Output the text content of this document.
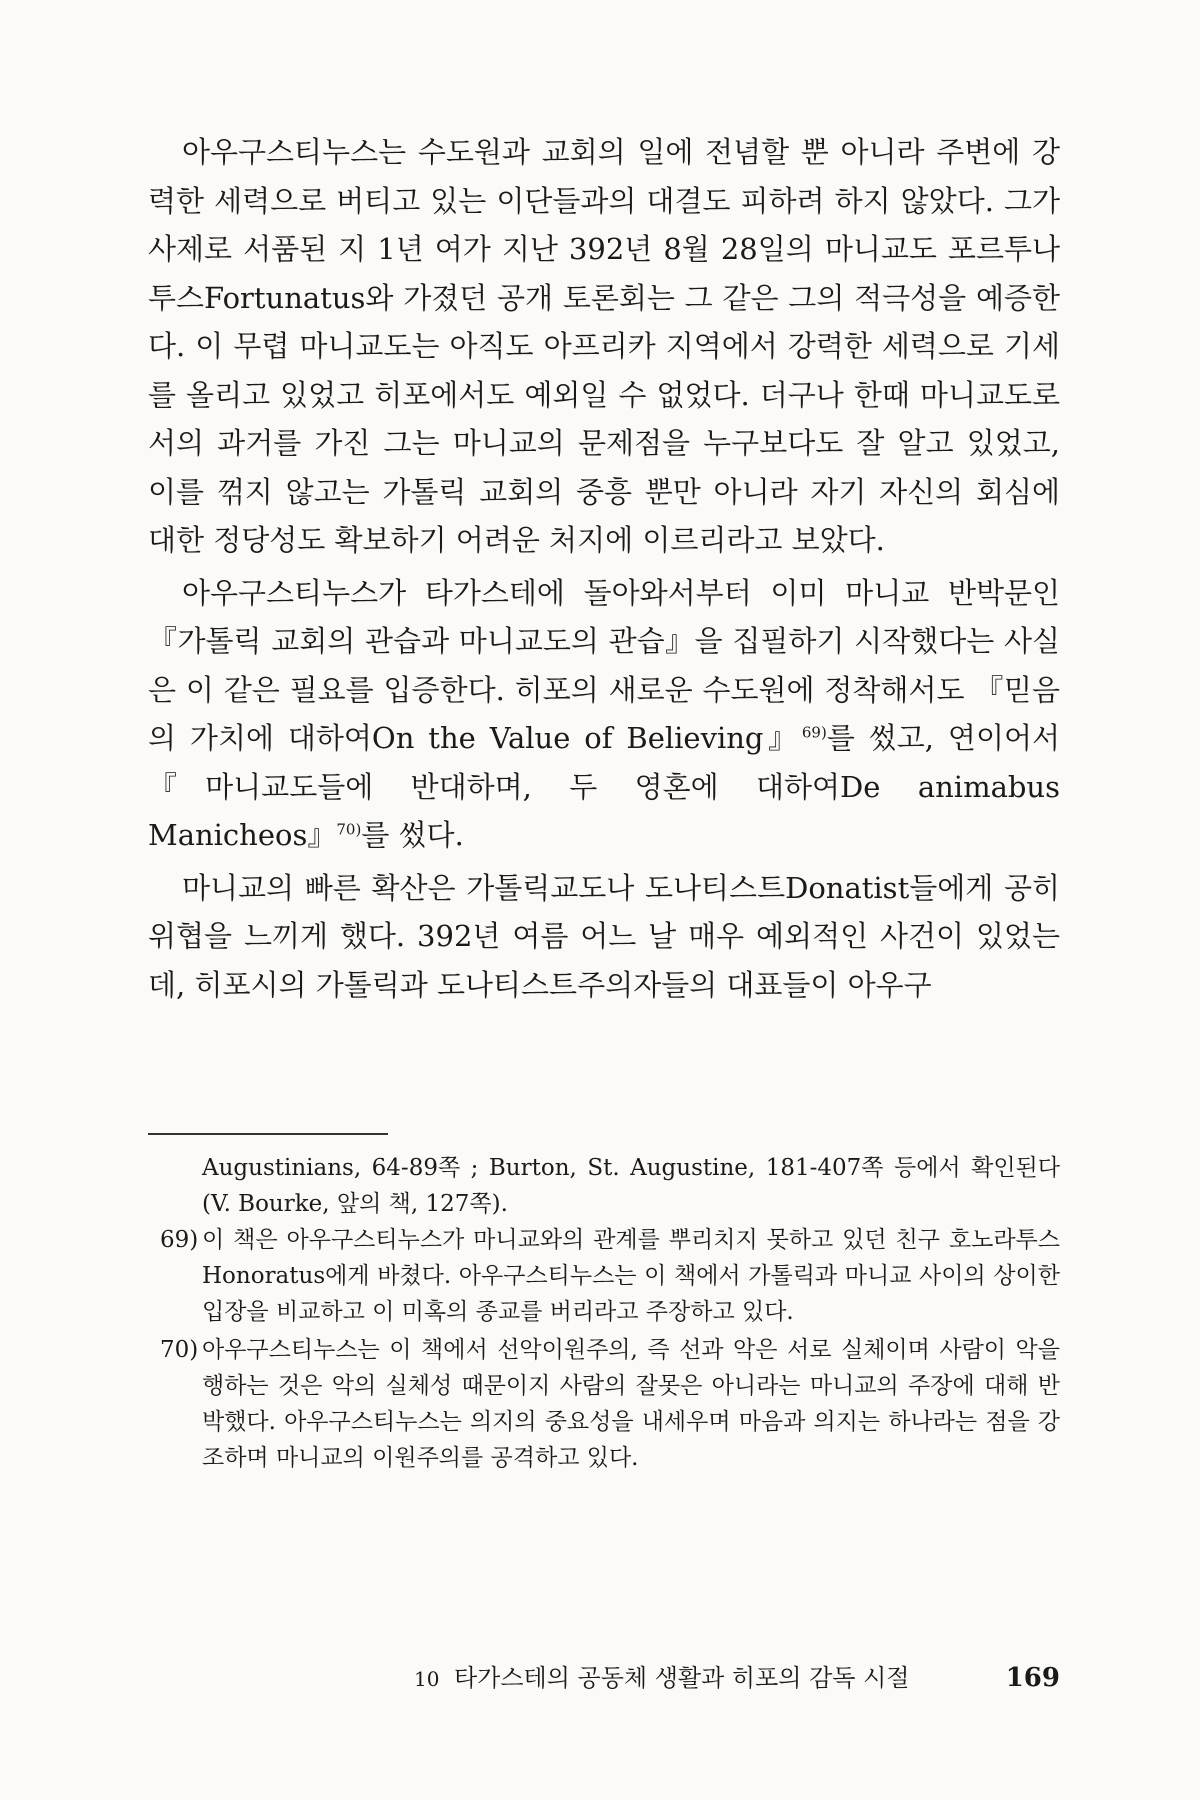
아우구스티누스는 수도원과 교회의 일에 전념할 뿐 아니라 주변에 강력한 세력으로 버티고 있는 이단들과의 대결도 피하려 하지 않았다. 그가 사제로 서품된 지 1년 여가 지난 392년 8월 28일의 마니교도 포르투나투스Fortunatus와 가졌던 공개 토론회는 그 같은 그의 적극성을 예증한다. 이 무렵 마니교도는 아직도 아프리카 지역에서 강력한 세력으로 기세를 올리고 있었고 히포에서도 예외일 수 없었다. 더구나 한때 마니교도로서의 과거를 가진 그는 마니교의 문제점을 누구보다도 잘 알고 있었고, 이를 꺾지 않고는 가톨릭 교회의 중흥 뿐만 아니라 자기 자신의 회심에 대한 정당성도 확보하기 어려운 처지에 이르리라고 보았다.

아우구스티누스가 타가스테에 돌아와서부터 이미 마니교 반박문인 『가톨릭 교회의 관습과 마니교도의 관습』을 집필하기 시작했다는 사실은 이 같은 필요를 입증한다. 히포의 새로운 수도원에 정착해서도 『믿음의 가치에 대하여On the Value of Believing』$^{69)}$를 썼고, 연이어서 『마니교도들에 반대하며, 두 영혼에 대하여De animabus Manicheos』$^{70)}$를 썼다.

마니교의 빠른 확산은 가톨릭교도나 도나티스트Donatist들에게 공히 위협을 느끼게 했다. 392년 여름 어느 날 매우 예외적인 사건이 있었는데, 히포시의 가톨릭과 도나티스트주의자들의 대표들이 아우구

Augustinians, 64-89쪽 ; Burton, St. Augustine, 181-407쪽 등에서 확인된다(V. Bourke, 앞의 책, 127쪽).
69) 이 책은 아우구스티누스가 마니교와의 관계를 뿌리치지 못하고 있던 친구 호노라투스Honoratus에게 바쳤다. 아우구스티누스는 이 책에서 가톨릭과 마니교 사이의 상이한 입장을 비교하고 이 미혹의 종교를 버리라고 주장하고 있다.
70) 아우구스티누스는 이 책에서 선악이원주의, 즉 선과 악은 서로 실체이며 사람이 악을 행하는 것은 악의 실체성 때문이지 사람의 잘못은 아니라는 마니교의 주장에 대해 반박했다. 아우구스티누스는 의지의 중요성을 내세우며 마음과 의지는 하나라는 점을 강조하며 마니교의 이원주의를 공격하고 있다.
10 타가스테의 공동체 생활과 히포의 감독 시절	169
